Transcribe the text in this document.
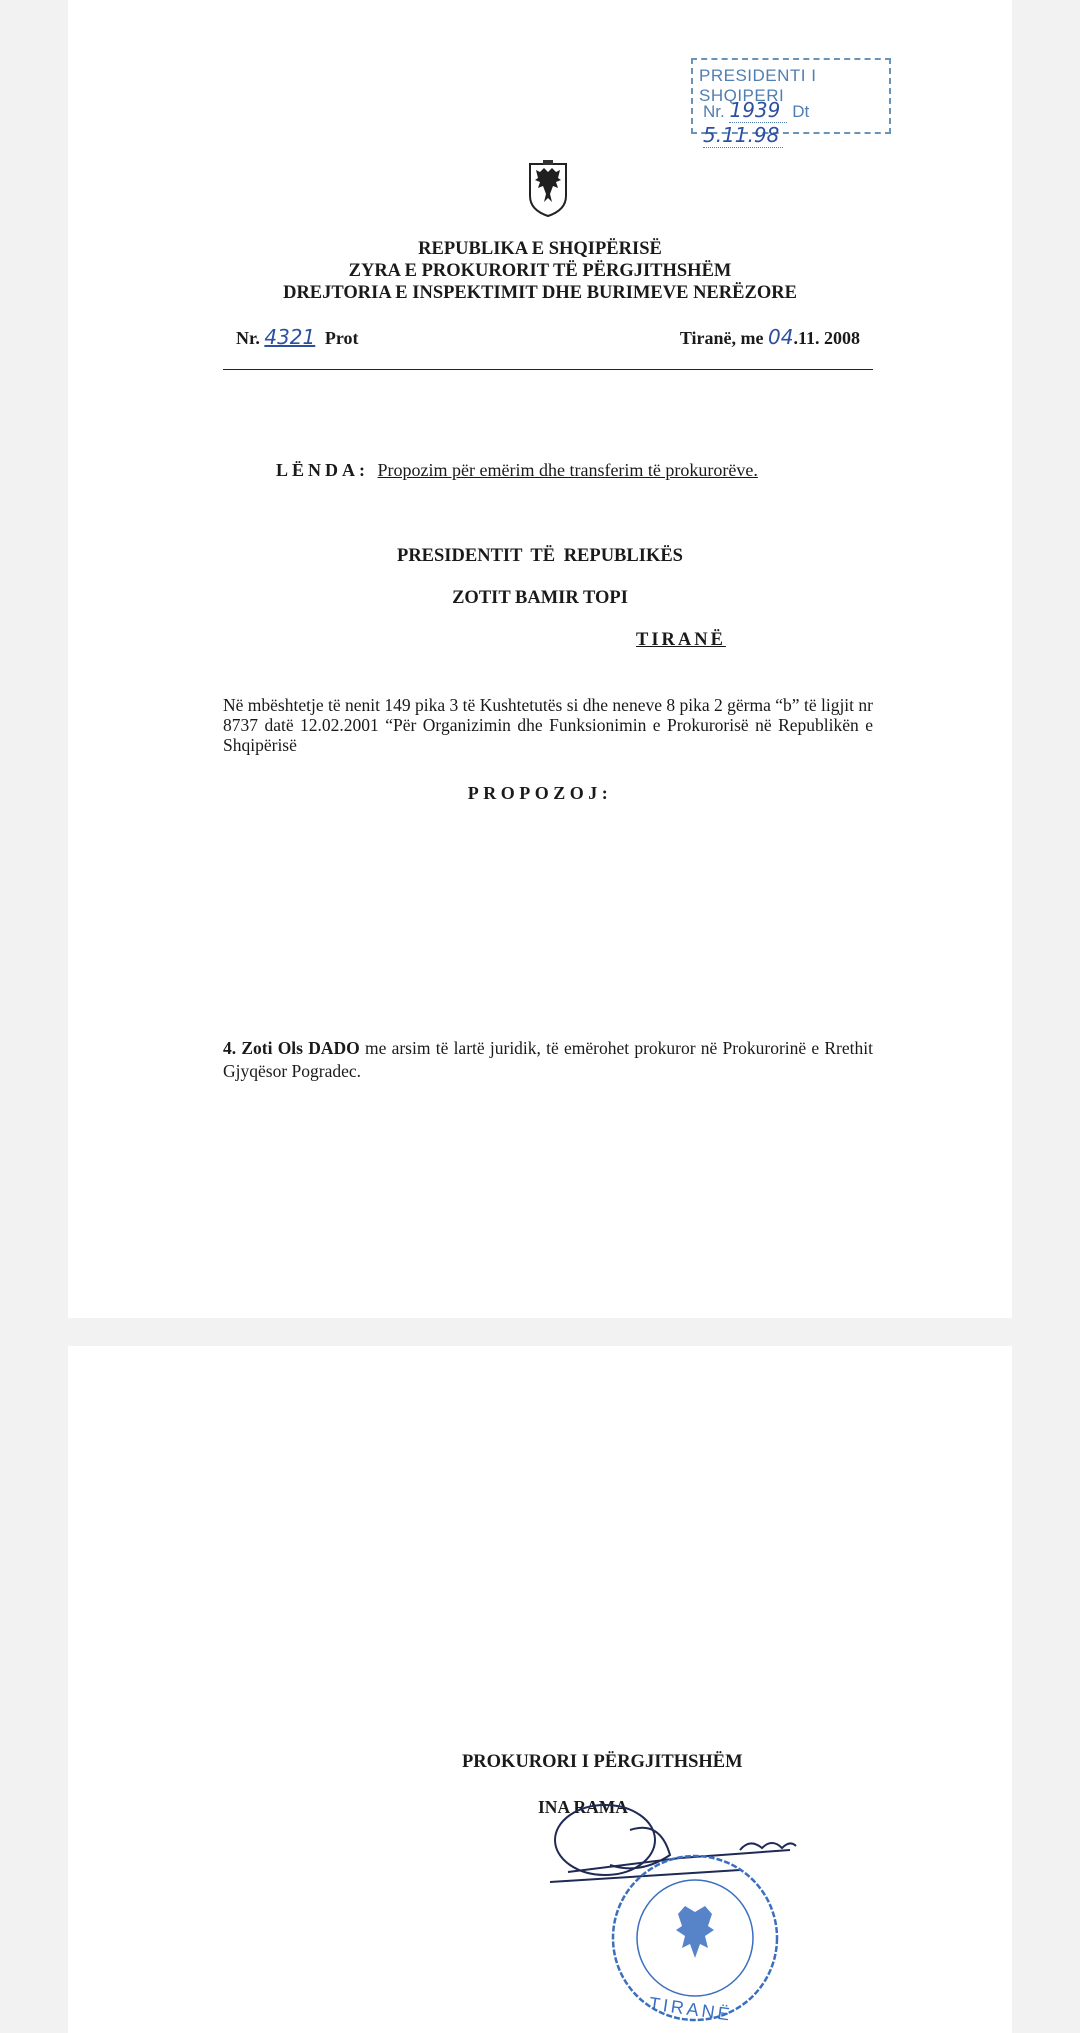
PRESIDENTI I SHQIPERI
Nr. 1939 Dt 5.11.98
REPUBLIKA E SHQIPËRISË
ZYRA E PROKURORIT TË PËRGJITHSHËM
DREJTORIA E INSPEKTIMIT DHE BURIMEVE NERËZORE
Nr. 4321 Prot	Tiranë, me 04.11. 2008
LËNDA: Propozim për emërim dhe transferim të prokurorëve.
PRESIDENTIT TË REPUBLIKËS
ZOTIT BAMIR TOPI
TIRANË
Në mbështetje të nenit 149 pika 3 të Kushtetutës si dhe neneve 8 pika 2 gërma “b” të ligjit nr 8737 datë 12.02.2001 “Për Organizimin dhe Funksionimin e Prokurorisë në Republikën e Shqipërisë
PROPOZOJ:
4. Zoti Ols DADO me arsim të lartë juridik, të emërohet prokuror në Prokurorinë e Rrethit Gjyqësor Pogradec.
PROKURORI I PËRGJITHSHËM
INA RAMA
TIRANË
